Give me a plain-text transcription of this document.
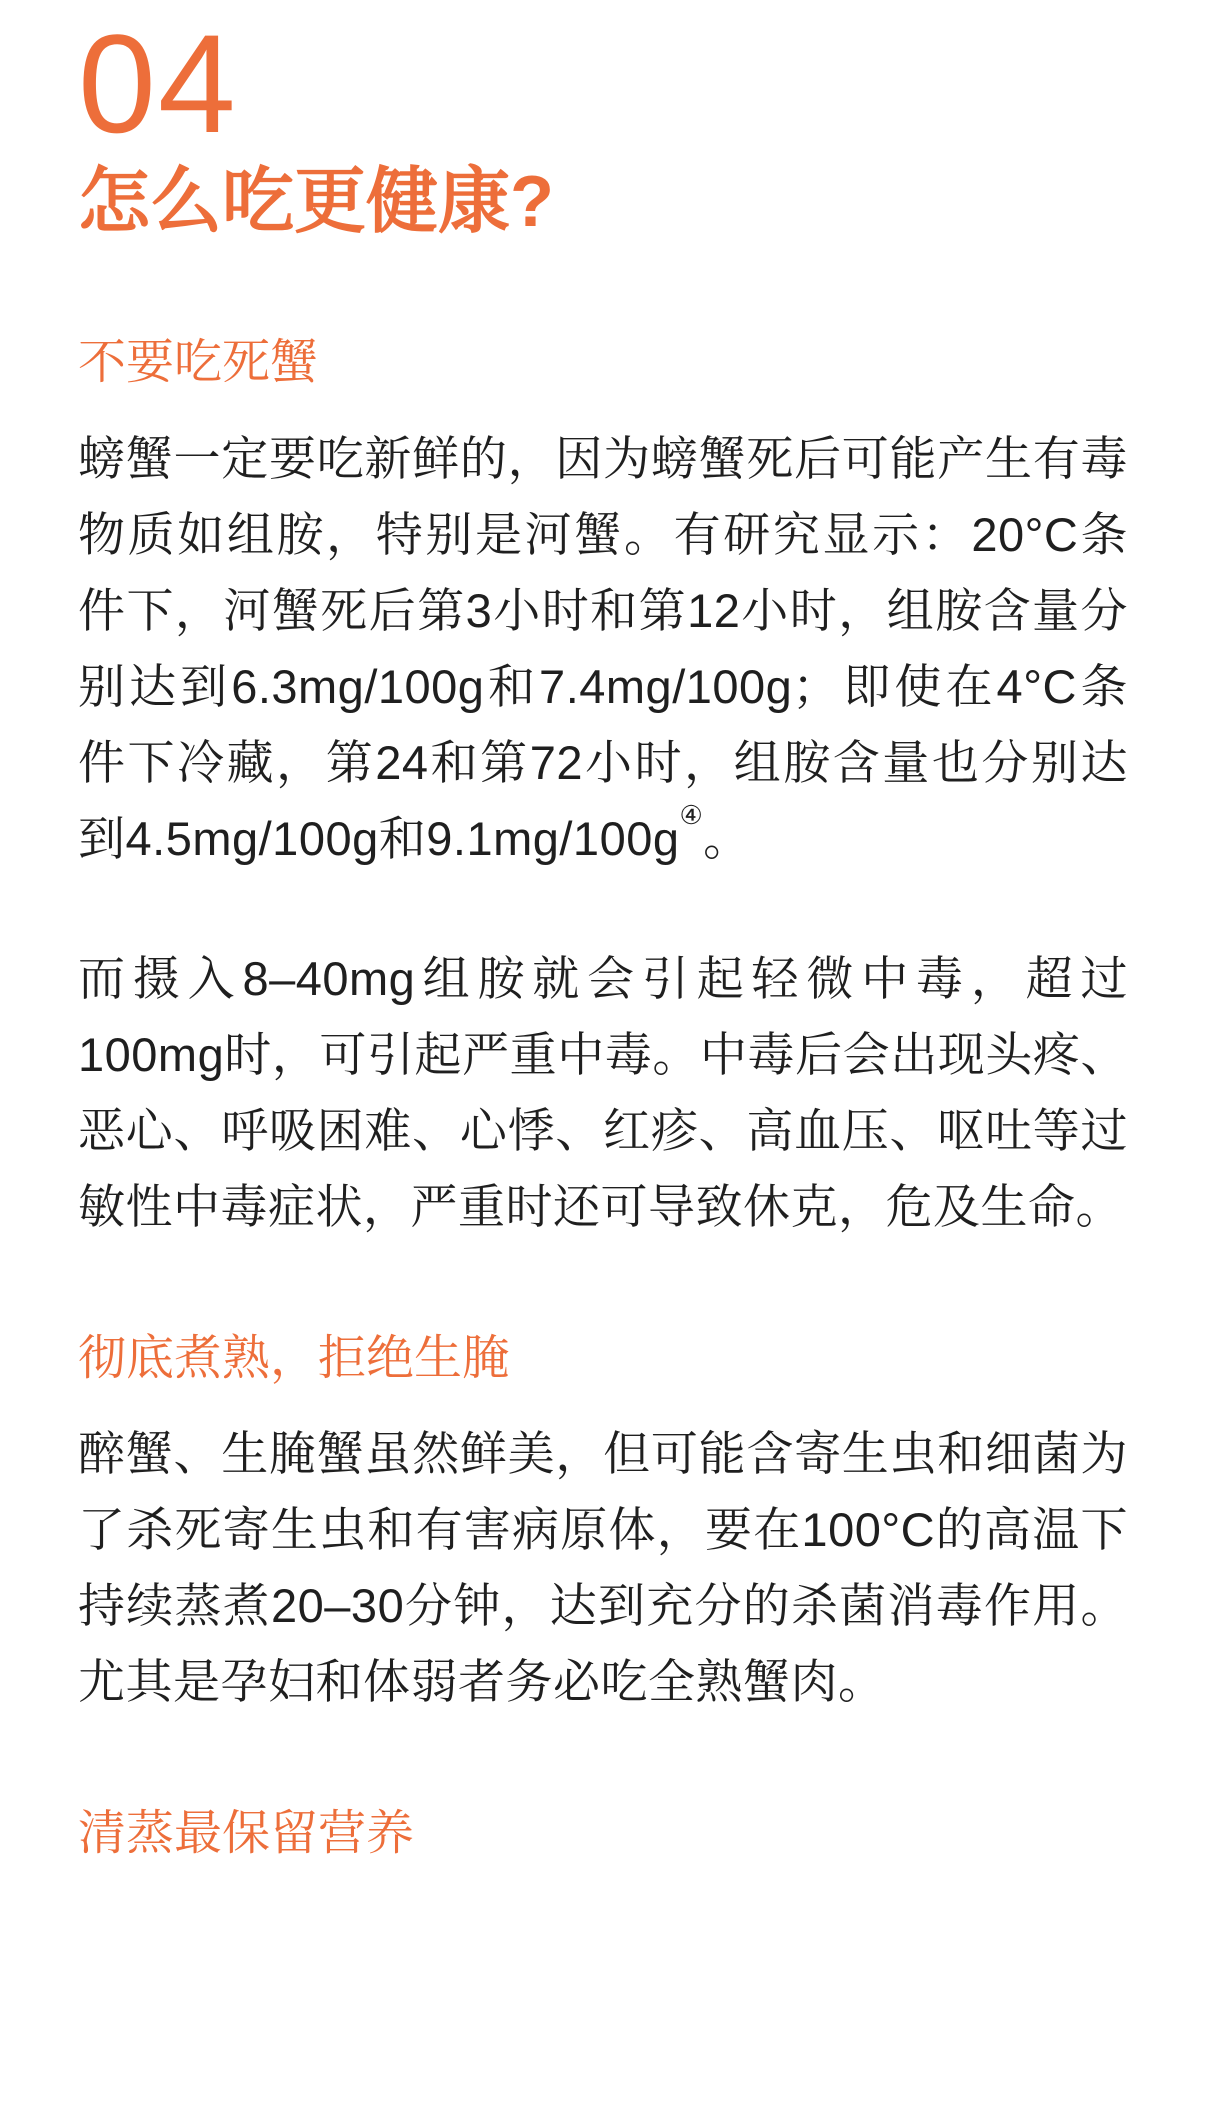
04
怎么吃更健康?
不要吃死蟹

螃蟹一定要吃新鲜的，因为螃蟹死后可能产生有毒物质如组胺，特别是河蟹。有研究显示：20°C条件下，河蟹死后第3小时和第12小时，组胺含量分别达到6.3mg/100g和7.4mg/100g；即使在4°C条件下冷藏，第24和第72小时，组胺含量也分别达到4.5mg/100g和9.1mg/100g④。

而摄入8–40mg组胺就会引起轻微中毒，超过100mg时，可引起严重中毒。中毒后会出现头疼、恶心、呼吸困难、心悸、红疹、高血压、呕吐等过敏性中毒症状，严重时还可导致休克，危及生命。

彻底煮熟，拒绝生腌

醉蟹、生腌蟹虽然鲜美，但可能含寄生虫和细菌为了杀死寄生虫和有害病原体，要在100°C的高温下持续蒸煮20–30分钟，达到充分的杀菌消毒作用。尤其是孕妇和体弱者务必吃全熟蟹肉。

清蒸最保留营养
